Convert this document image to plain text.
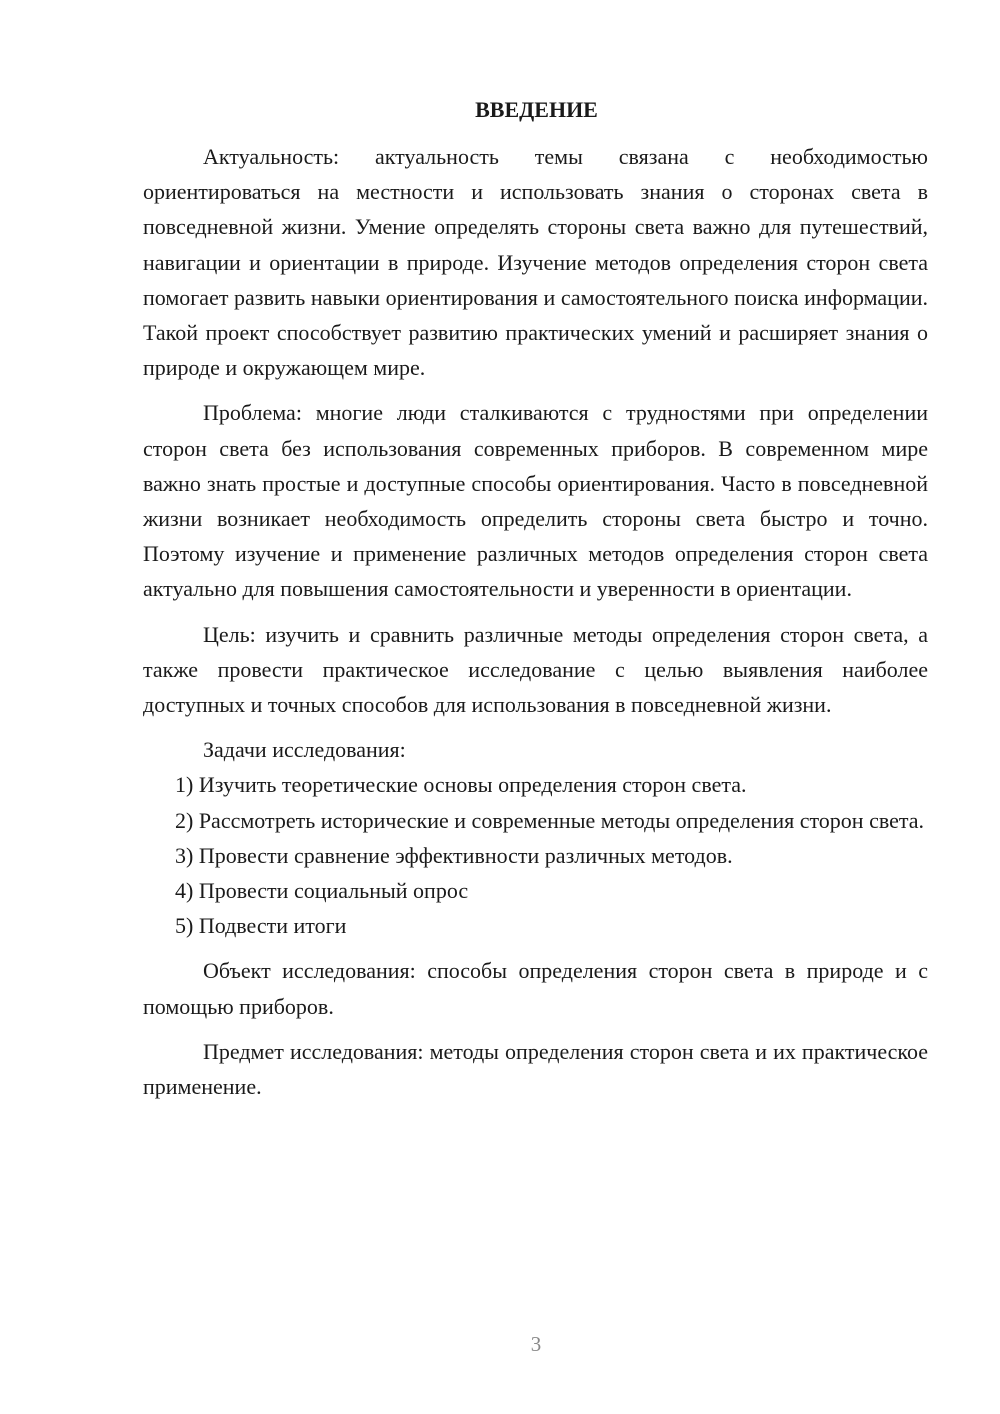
ВВЕДЕНИЕ

Актуальность: актуальность темы связана с необходимостью ориентироваться на местности и использовать знания о сторонах света в повседневной жизни. Умение определять стороны света важно для путешествий, навигации и ориентации в природе. Изучение методов определения сторон света помогает развить навыки ориентирования и самостоятельного поиска информации. Такой проект способствует развитию практических умений и расширяет знания о природе и окружающем мире.

Проблема: многие люди сталкиваются с трудностями при определении сторон света без использования современных приборов. В современном мире важно знать простые и доступные способы ориентирования. Часто в повседневной жизни возникает необходимость определить стороны света быстро и точно. Поэтому изучение и применение различных методов определения сторон света актуально для повышения самостоятельности и уверенности в ориентации.

Цель: изучить и сравнить различные методы определения сторон света, а также провести практическое исследование с целью выявления наиболее доступных и точных способов для использования в повседневной жизни.

Задачи исследования:

1) Изучить теоретические основы определения сторон света.

2) Рассмотреть исторические и современные методы определения сторон света.

3) Провести сравнение эффективности различных методов.

4) Провести социальный опрос

5) Подвести итоги

Объект исследования: способы определения сторон света в природе и с помощью приборов.

Предмет исследования: методы определения сторон света и их практическое применение.

3
